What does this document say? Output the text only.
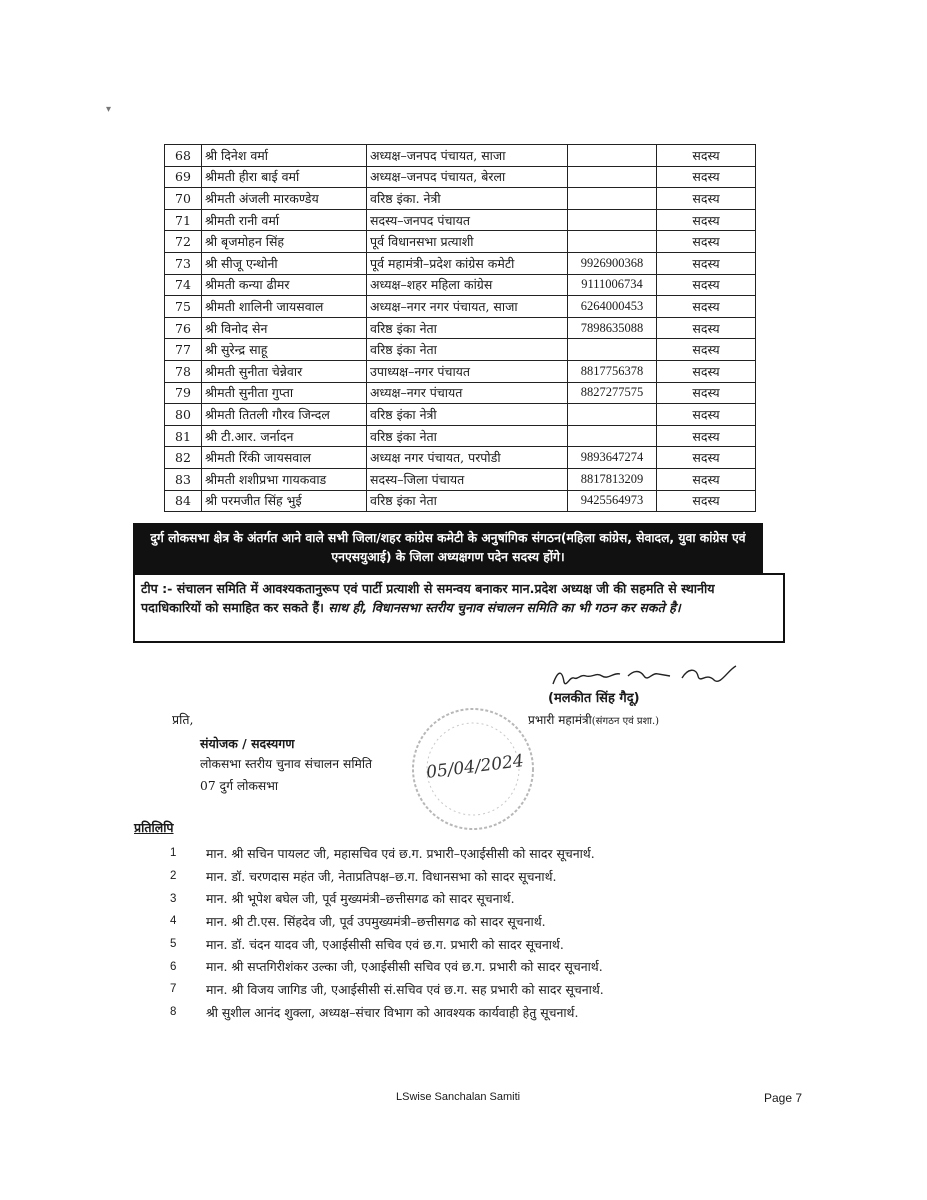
▾
68	श्री दिनेश वर्मा	अध्यक्ष–जनपद पंचायत, साजा		सदस्य
69	श्रीमती हीरा बाई वर्मा	अध्यक्ष–जनपद पंचायत, बेरला		सदस्य
70	श्रीमती अंजली मारकण्डेय	वरिष्ठ इंका. नेत्री		सदस्य
71	श्रीमती रानी वर्मा	सदस्य–जनपद पंचायत		सदस्य
72	श्री बृजमोहन सिंह	पूर्व विधानसभा प्रत्याशी		सदस्य
73	श्री सीजू एन्थोनी	पूर्व महामंत्री–प्रदेश कांग्रेस कमेटी	9926900368	सदस्य
74	श्रीमती कन्या ढीमर	अध्यक्ष–शहर महिला कांग्रेस	9111006734	सदस्य
75	श्रीमती शालिनी जायसवाल	अध्यक्ष–नगर नगर पंचायत, साजा	6264000453	सदस्य
76	श्री विनोद सेन	वरिष्ठ इंका नेता	7898635088	सदस्य
77	श्री सुरेन्द्र साहू	वरिष्ठ इंका नेता		सदस्य
78	श्रीमती सुनीता चेन्नेवार	उपाध्यक्ष–नगर पंचायत	8817756378	सदस्य
79	श्रीमती सुनीता गुप्ता	अध्यक्ष–नगर पंचायत	8827277575	सदस्य
80	श्रीमती तितली गौरव जिन्दल	वरिष्ठ इंका नेत्री		सदस्य
81	श्री टी.आर. जर्नादन	वरिष्ठ इंका नेता		सदस्य
82	श्रीमती रिंकी जायसवाल	अध्यक्ष नगर पंचायत, परपोडी	9893647274	सदस्य
83	श्रीमती शशीप्रभा गायकवाड	सदस्य–जिला पंचायत	8817813209	सदस्य
84	श्री परमजीत सिंह भुई	वरिष्ठ इंका नेता	9425564973	सदस्य
दुर्ग लोकसभा क्षेत्र के अंतर्गत आने वाले सभी जिला/शहर कांग्रेस कमेटी के अनुषांगिक संगठन(महिला कांग्रेस, सेवादल, युवा कांग्रेस एवं एनएसयुआई) के जिला अध्यक्षगण पदेन सदस्य होंगे।
टीप :- संचालन समिति में आवश्यकतानुरूप एवं पार्टी प्रत्याशी से समन्वय बनाकर मान.प्रदेश अध्यक्ष जी की सहमति से स्थानीय पदाधिकारियों को समाहित कर सकते हैं। साथ ही, विधानसभा स्तरीय चुनाव संचालन समिति का भी गठन कर सकते है।
(मलकीत सिंह गैदू)
प्रभारी महामंत्री(संगठन एवं प्रशा.)
प्रति,
संयोजक / सदस्यगण
लोकसभा स्तरीय चुनाव संचालन समिति
07 दुर्ग लोकसभा
05/04/2024
प्रतिलिपि
1	मान. श्री सचिन पायलट जी, महासचिव एवं छ.ग. प्रभारी–एआईसीसी को सादर सूचनार्थ.
2	मान. डॉ. चरणदास महंत जी, नेताप्रतिपक्ष–छ.ग. विधानसभा को सादर सूचनार्थ.
3	मान. श्री भूपेश बघेल जी, पूर्व मुख्यमंत्री–छत्तीसगढ को सादर सूचनार्थ.
4	मान. श्री टी.एस. सिंहदेव जी, पूर्व उपमुख्यमंत्री–छत्तीसगढ को सादर सूचनार्थ.
5	मान. डॉ. चंदन यादव जी, एआईसीसी सचिव एवं छ.ग. प्रभारी को सादर सूचनार्थ.
6	मान. श्री सप्तगिरीशंकर उल्का जी, एआईसीसी सचिव एवं छ.ग. प्रभारी को सादर सूचनार्थ.
7	मान. श्री विजय जागिड जी, एआईसीसी सं.सचिव एवं छ.ग. सह प्रभारी को सादर सूचनार्थ.
8	श्री सुशील आनंद शुक्ला, अध्यक्ष–संचार विभाग को आवश्यक कार्यवाही हेतु सूचनार्थ.
LSwise Sanchalan Samiti	Page 7
